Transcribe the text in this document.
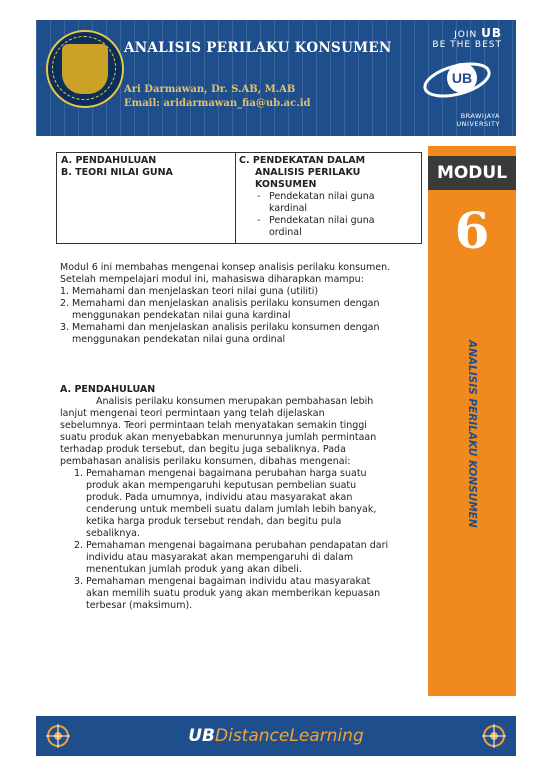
ANALISIS PERILAKU KONSUMEN
Ari Darmawan, Dr. S.AB, M.AB
Email: aridarmawan_fia@ub.ac.id
JOIN UB
BE THE BEST
UB
BRAWIJAYA
UNIVERSITY
MODUL
6
ANALISIS PERILAKU KONSUMEN
A. PENDAHULUAN
B. TEORI NILAI GUNA
C. PENDEKATAN DALAM
ANALISIS PERILAKU
KONSUMEN
- Pendekatan nilai guna
kardinal
- Pendekatan nilai guna
ordinal
Modul 6 ini membahas mengenai konsep analisis perilaku konsumen.
Setelah mempelajari modul ini, mahasiswa diharapkan mampu:
1. Memahami dan menjelaskan teori nilai guna (utiliti)
2. Memahami dan menjelaskan analisis perilaku konsumen dengan
menggunakan pendekatan nilai guna kardinal
3. Memahami dan menjelaskan analisis perilaku konsumen dengan
menggunakan pendekatan nilai guna ordinal
A. PENDAHULUAN
Analisis perilaku konsumen merupakan pembahasan lebih
lanjut mengenai teori permintaan yang telah dijelaskan
sebelumnya. Teori permintaan telah menyatakan semakin tinggi
suatu produk akan menyebabkan menurunnya jumlah permintaan
terhadap produk tersebut, dan begitu juga sebaliknya. Pada
pembahasan analisis perilaku konsumen, dibahas mengenai:
1. Pemahaman mengenai bagaimana perubahan harga suatu
produk akan mempengaruhi keputusan pembelian suatu
produk. Pada umumnya, individu atau masyarakat akan
cenderung untuk membeli suatu dalam jumlah lebih banyak,
ketika harga produk tersebut rendah, dan begitu pula
sebaliknya.
2. Pemahaman mengenai bagaimana perubahan pendapatan dari
individu atau masyarakat akan mempengaruhi di dalam
menentukan jumlah produk yang akan dibeli.
3. Pemahaman mengenai bagaiman individu atau masyarakat
akan memilih suatu produk yang akan memberikan kepuasan
terbesar (maksimum).
UBDistanceLearning
